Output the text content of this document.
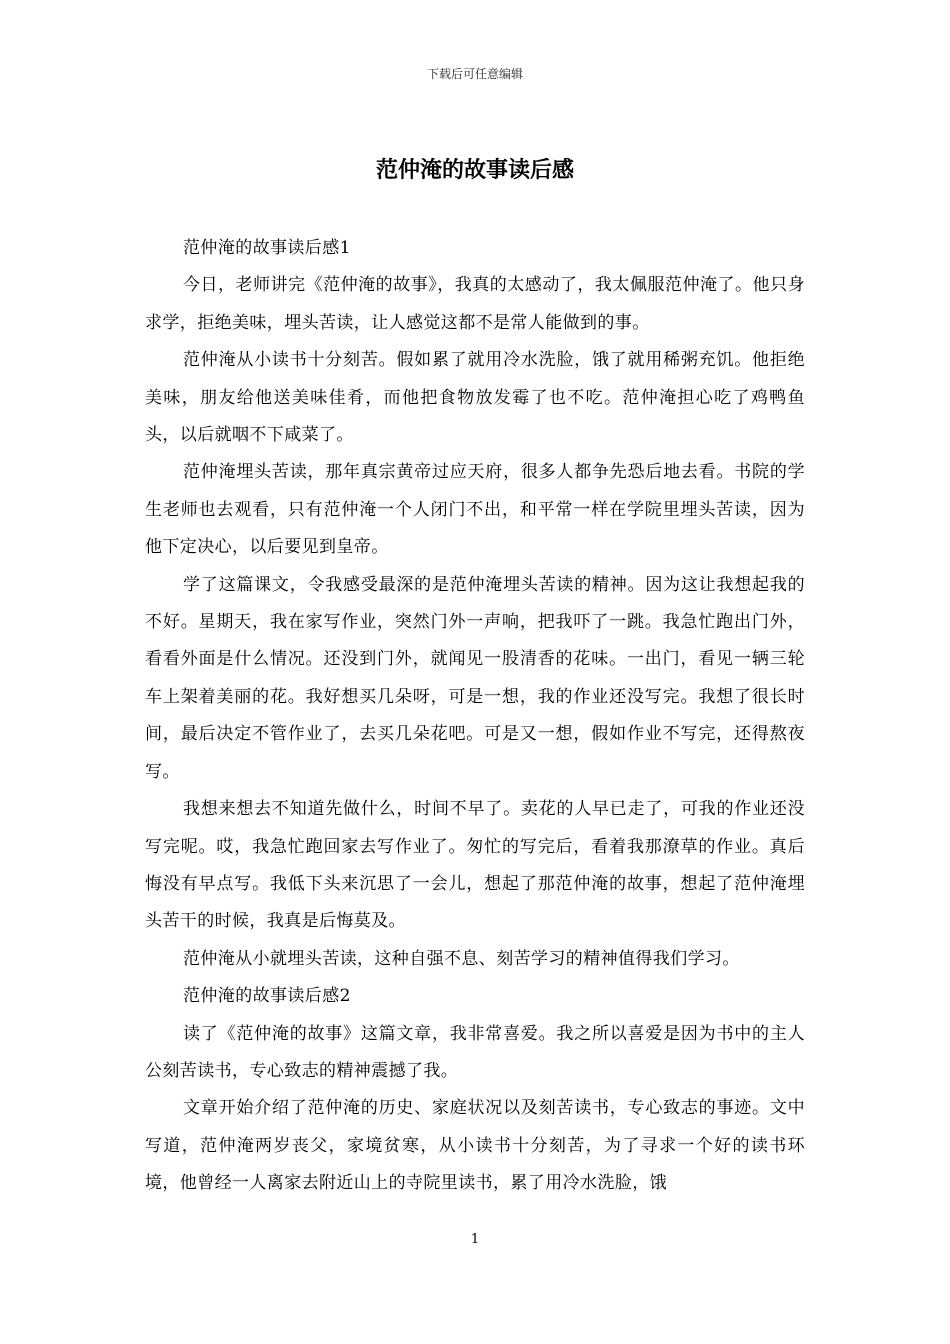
下载后可任意编辑
范仲淹的故事读后感

范仲淹的故事读后感1

今日，老师讲完《范仲淹的故事》，我真的太感动了，我太佩服范仲淹了。他只身求学，拒绝美味，埋头苦读，让人感觉这都不是常人能做到的事。

范仲淹从小读书十分刻苦。假如累了就用冷水洗脸，饿了就用稀粥充饥。他拒绝美味，朋友给他送美味佳肴，而他把食物放发霉了也不吃。范仲淹担心吃了鸡鸭鱼头，以后就咽不下咸菜了。

范仲淹埋头苦读，那年真宗黄帝过应天府，很多人都争先恐后地去看。书院的学生老师也去观看，只有范仲淹一个人闭门不出，和平常一样在学院里埋头苦读，因为他下定决心，以后要见到皇帝。

学了这篇课文，令我感受最深的是范仲淹埋头苦读的精神。因为这让我想起我的不好。星期天，我在家写作业，突然门外一声响，把我吓了一跳。我急忙跑出门外，看看外面是什么情况。还没到门外，就闻见一股清香的花味。一出门，看见一辆三轮车上架着美丽的花。我好想买几朵呀，可是一想，我的作业还没写完。我想了很长时间，最后决定不管作业了，去买几朵花吧。可是又一想，假如作业不写完，还得熬夜写。

我想来想去不知道先做什么，时间不早了。卖花的人早已走了，可我的作业还没写完呢。哎，我急忙跑回家去写作业了。匆忙的写完后，看着我那潦草的作业。真后悔没有早点写。我低下头来沉思了一会儿，想起了那范仲淹的故事，想起了范仲淹埋头苦干的时候，我真是后悔莫及。

范仲淹从小就埋头苦读，这种自强不息、刻苦学习的精神值得我们学习。

范仲淹的故事读后感2

读了《范仲淹的故事》这篇文章，我非常喜爱。我之所以喜爱是因为书中的主人公刻苦读书，专心致志的精神震撼了我。

文章开始介绍了范仲淹的历史、家庭状况以及刻苦读书，专心致志的事迹。文中写道，范仲淹两岁丧父，家境贫寒，从小读书十分刻苦，为了寻求一个好的读书环境，他曾经一人离家去附近山上的寺院里读书，累了用冷水洗脸，饿

1
